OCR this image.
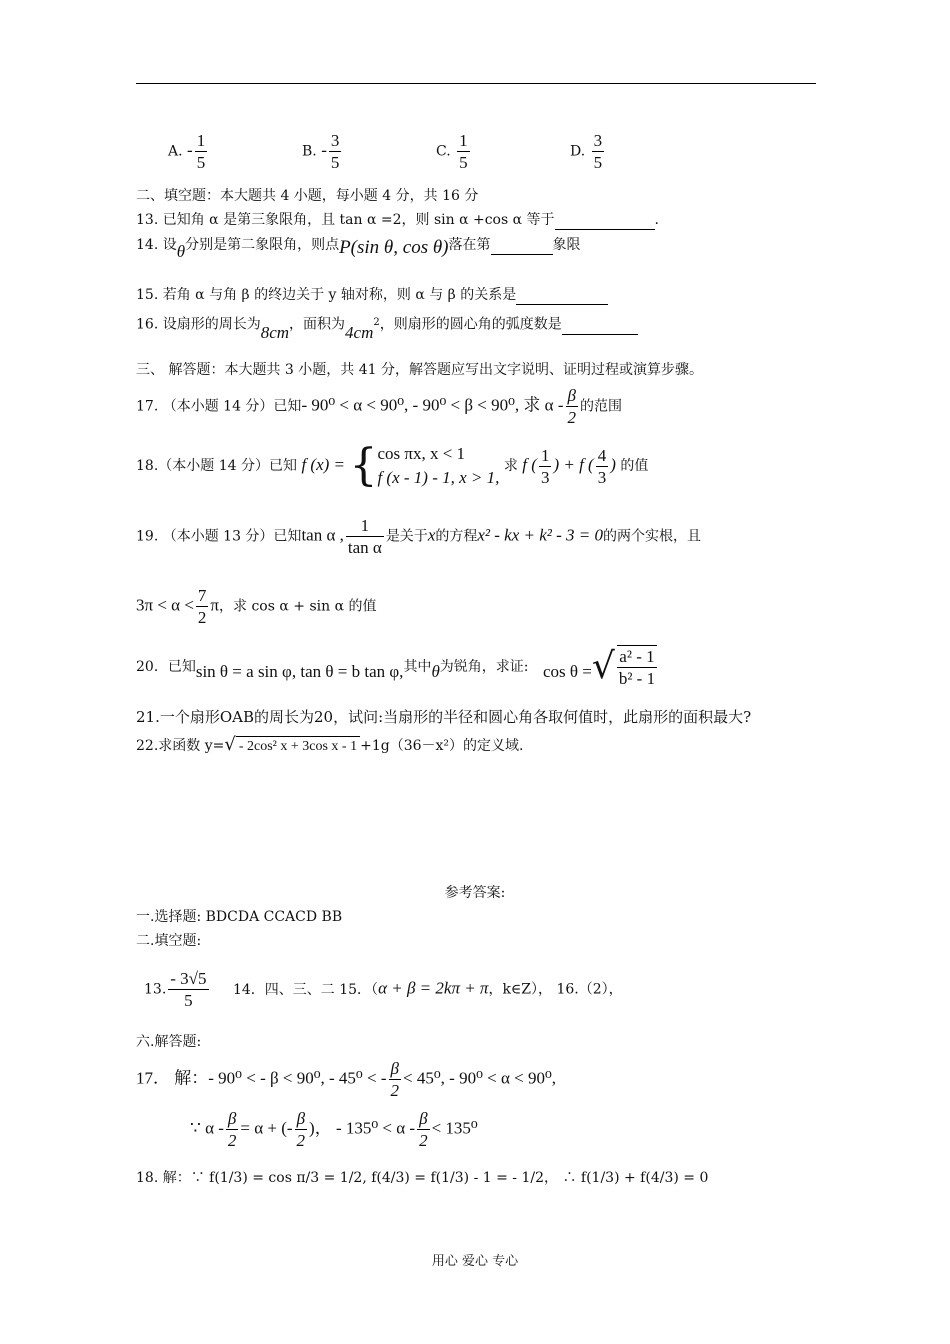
A. - $\frac{1}{5}$	B. - $\frac{3}{5}$	C. $\frac{1}{5}$	D. $\frac{3}{5}$
二、填空题：本大题共 4 小题，每小题 4 分，共 16 分
13. 已知角 α 是第三象限角，且 tan α =2，则 sin α +cos α 等于	.
14. 设θ分别是第二象限角，则点P(sin θ, cos θ)落在第	象限
15. 若角 α 与角 β 的终边关于 y 轴对称，则 α 与 β 的关系是
16. 设扇形的周长为8cm，面积为$4cm^2$，则扇形的圆心角的弧度数是
三、 解答题：本大题共 3 小题，共 41 分，解答题应写出文字说明、证明过程或演算步骤。
17. （本小题 14 分）已知- 90⁰ < α < 90⁰, - 90⁰ < β < 90⁰, 求 α - $\frac{\beta}{2}$ 的范围
18.（本小题 14 分）已知 f (x) = { cos πx, x < 1
f (x - 1) - 1, x > 1,
求 f ( $\frac{1}{3}$ ) + f ( $\frac{4}{3}$ ) 的值
19. （本小题 13 分）已知tan α , $\frac{1}{\text{tan α}}$ 是关于x的方程x² - kx + k² - 3 = 0的两个实根，且
$3\pi < \alpha < \frac{7}{2}$ π，求 cos α + sin α 的值
20．已知sin θ = a sin φ, tan θ = b tan φ,其中θ为锐角，求证: cos θ =√ $\frac{\text{a² - 1}}{\text{b² - 1}}$
21.一个扇形OAB的周长为20，试问:当扇形的半径和圆心角各取何值时，此扇形的面积最大?
22.求函数 y=√ - 2cos² x + 3cos x - 1 +1g（36－x²）的定义域.
参考答案:
一.选择题: BDCDA CCACD BB
二.填空题:
13. $\frac{- 3√5}{5} 14$．四、三、二 15．（α + β = 2kπ + π，k∈Z）， 16.（2），
六.解答题:
17． 解：- 90⁰ < - β < 90⁰, - 45⁰ < - $\frac{\beta}{2} < 45^0$, - 90⁰ < α < 90⁰,
∵ $\alpha - \frac{\beta}{2} = \alpha$ + (- $\frac{\beta}{2}$ )， - $135^0 < \alpha - \frac{\beta}{2} < 135^0$
18. 解：∵ f(1/3) = cos π/3 = 1/2, f(4/3) = f(1/3) - 1 = - 1/2， ∴ f(1/3) + f(4/3) = 0
用心 爱心 专心
